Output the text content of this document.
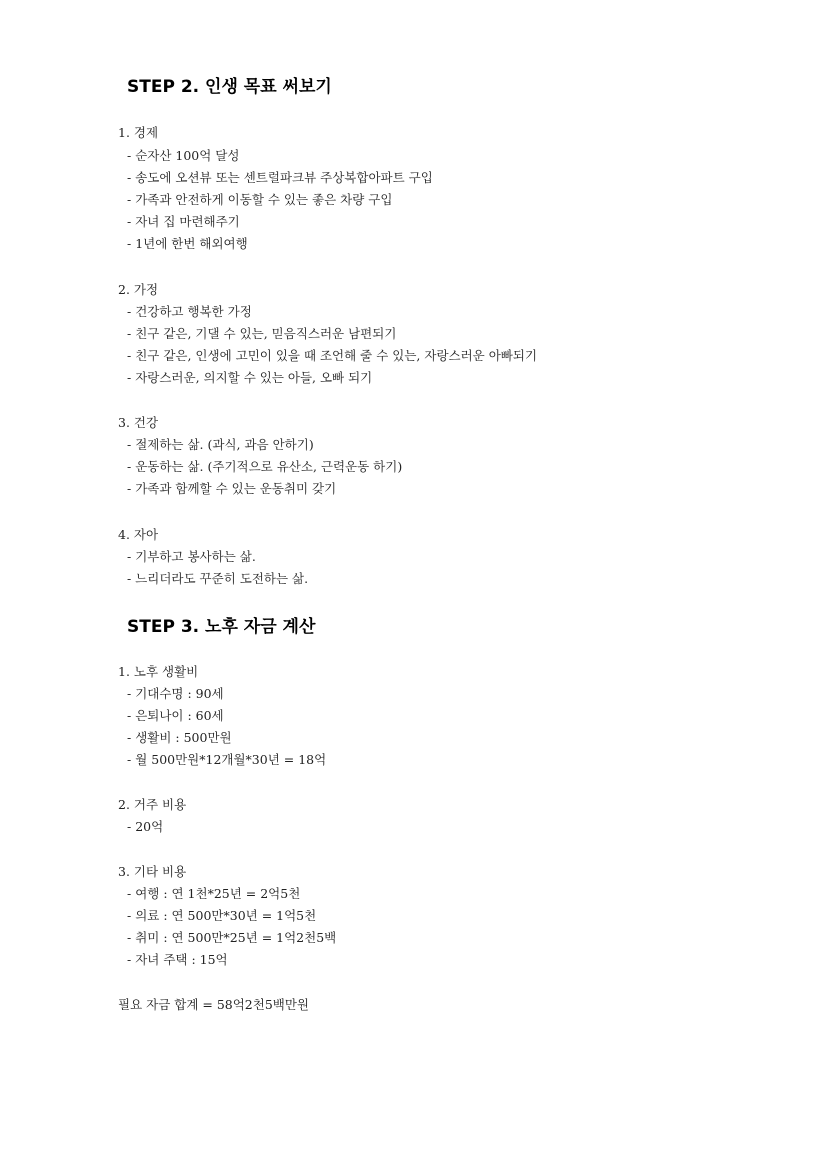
STEP 2. 인생 목표 써보기
1. 경제
- 순자산 100억 달성
- 송도에 오션뷰 또는 센트럴파크뷰 주상복합아파트 구입
- 가족과 안전하게 이동할 수 있는 좋은 차량 구입
- 자녀 집 마련해주기
- 1년에 한번 해외여행
2. 가정
- 건강하고 행복한 가정
- 친구 같은, 기댈 수 있는, 믿음직스러운 남편되기
- 친구 같은, 인생에 고민이 있을 때 조언해 줄 수 있는, 자랑스러운 아빠되기
- 자랑스러운, 의지할 수 있는 아들, 오빠 되기
3. 건강
- 절제하는 삶. (과식, 과음 안하기)
- 운동하는 삶. (주기적으로 유산소, 근력운동 하기)
- 가족과 함께할 수 있는 운동취미 갖기
4. 자아
- 기부하고 봉사하는 삶.
- 느리더라도 꾸준히 도전하는 삶.
STEP 3. 노후 자금 계산
1. 노후 생활비
- 기대수명 : 90세
- 은퇴나이 : 60세
- 생활비 : 500만원
- 월 500만원*12개월*30년 = 18억
2. 거주 비용
- 20억
3. 기타 비용
- 여행 : 연 1천*25년 = 2억5천
- 의료 : 연 500만*30년 = 1억5천
- 취미 : 연 500만*25년 = 1억2천5백
- 자녀 주택 : 15억
필요 자금 합계 = 58억2천5백만원
